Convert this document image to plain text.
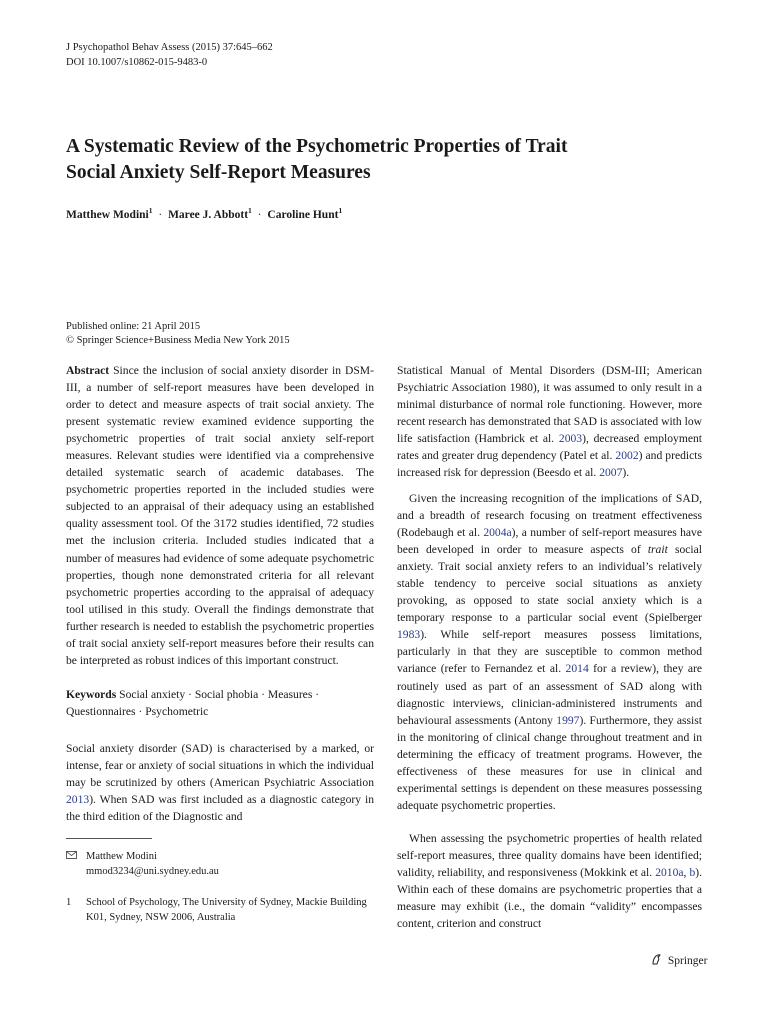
J Psychopathol Behav Assess (2015) 37:645–662
DOI 10.1007/s10862-015-9483-0
A Systematic Review of the Psychometric Properties of Trait
Social Anxiety Self-Report Measures
Matthew Modini$^1$ · Maree J. Abbott$^1$ · Caroline Hunt$^1$
Published online: 21 April 2015
© Springer Science+Business Media New York 2015

Abstract Since the inclusion of social anxiety disorder in DSM-III, a number of self-report measures have been developed in order to detect and measure aspects of trait social anxiety. The present systematic review examined evidence supporting the psychometric properties of trait social anxiety self-report measures. Relevant studies were identified via a comprehensive detailed systematic search of academic databases. The psychometric properties reported in the included studies were subjected to an appraisal of their adequacy using an established quality assessment tool. Of the 3172 studies identified, 72 studies met the inclusion criteria. Included studies indicated that a number of measures had evidence of some adequate psychometric properties, though none demonstrated criteria for all relevant psychometric properties according to the appraisal of adequacy tool utilised in this study. Overall the findings demonstrate that further research is needed to establish the psychometric properties of trait social anxiety self-report measures before their results can be interpreted as robust indices of this important construct.

Keywords Social anxiety · Social phobia · Measures · Questionnaires · Psychometric

Social anxiety disorder (SAD) is characterised by a marked, or intense, fear or anxiety of social situations in which the individual may be scrutinized by others (American Psychiatric Association 2013). When SAD was first included as a diagnostic category in the third edition of the Diagnostic and

Statistical Manual of Mental Disorders (DSM-III; American Psychiatric Association 1980), it was assumed to only result in a minimal disturbance of normal role functioning. However, more recent research has demonstrated that SAD is associated with low life satisfaction (Hambrick et al. 2003), decreased employment rates and greater drug dependency (Patel et al. 2002) and predicts increased risk for depression (Beesdo et al. 2007).

Given the increasing recognition of the implications of SAD, and a breadth of research focusing on treatment effectiveness (Rodebaugh et al. 2004a), a number of self-report measures have been developed in order to measure aspects of trait social anxiety. Trait social anxiety refers to an individual’s relatively stable tendency to perceive social situations as anxiety provoking, as opposed to state social anxiety which is a temporary response to a particular social event (Spielberger 1983). While self-report measures possess limitations, particularly in that they are susceptible to common method variance (refer to Fernandez et al. 2014 for a review), they are routinely used as part of an assessment of SAD along with diagnostic interviews, clinician-administered instruments and behavioural assessments (Antony 1997). Furthermore, they assist in the monitoring of clinical change throughout treatment and in determining the efficacy of treatment programs. However, the effectiveness of these measures for use in clinical and experimental settings is dependent on these measures possessing adequate psychometric properties.

When assessing the psychometric properties of health related self-report measures, three quality domains have been identified; validity, reliability, and responsiveness (Mokkink et al. 2010a, b). Within each of these domains are psychometric properties that a measure may exhibit (i.e., the domain “validity” encompasses content, criterion and construct

Matthew Modini
mmod3234@uni.sydney.edu.au
1 School of Psychology, The University of Sydney, Mackie Building
K01, Sydney, NSW 2006, Australia
Springer
